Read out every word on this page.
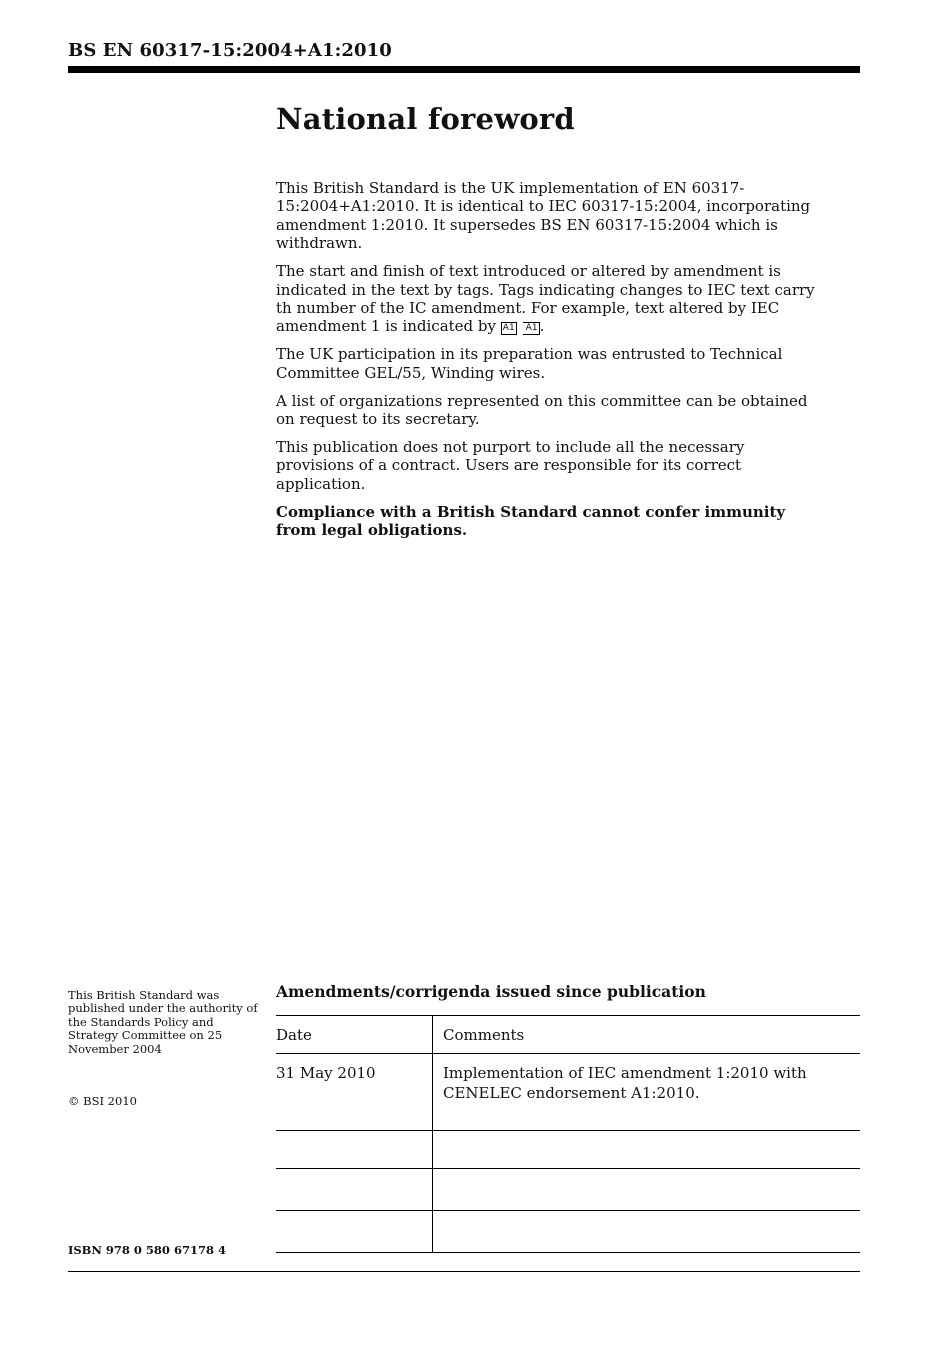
BS EN 60317-15:2004+A1:2010
National foreword

This British Standard is the UK implementation of EN 60317-15:2004+A1:2010. It is identical to IEC 60317-15:2004, incorporating amendment 1:2010. It supersedes BS EN 60317-15:2004 which is withdrawn.

The start and finish of text introduced or altered by amendment is indicated in the text by tags. Tags indicating changes to IEC text carry th number of the IC amendment. For example, text altered by IEC amendment 1 is indicated by A1 A1 .

The UK participation in its preparation was entrusted to Technical Committee GEL/55, Winding wires.

A list of organizations represented on this committee can be obtained on request to its secretary.

This publication does not purport to include all the necessary provisions of a contract. Users are responsible for its correct application.

Compliance with a British Standard cannot confer immunity from legal obligations.

This British Standard was published under the authority of the Standards Policy and Strategy Committee on 25 November 2004
© BSI 2010
ISBN 978 0 580 67178 4
Amendments/corrigenda issued since publication
Date	Comments
31 May 2010	Implementation of IEC amendment 1:2010 with CENELEC endorsement A1:2010.
